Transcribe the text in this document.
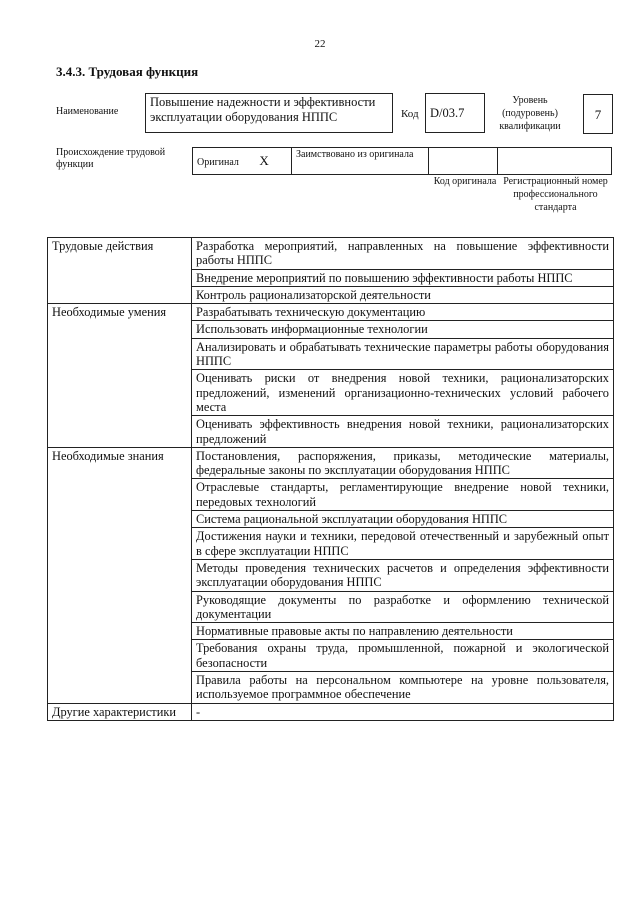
22
3.4.3. Трудовая функция
Наименование
Повышение надежности и эффективности эксплуатации оборудования НППС	Код D/03.7
Уровень (подуровень) квалификации
7
Происхождение трудовой функции	Оригинал X	Заимствовано из оригинала		
Код оригинала Регистрационный номер профессионального стандарта
Трудовые действия	Разработка мероприятий, направленных на повышение эффективности работы НППС
	Внедрение мероприятий по повышению эффективности работы НППС
	Контроль рационализаторской деятельности
Необходимые умения	Разрабатывать техническую документацию
	Использовать информационные технологии
	Анализировать и обрабатывать технические параметры работы оборудования НППС
	Оценивать риски от внедрения новой техники, рационализаторских предложений, изменений организационно-технических условий рабочего места
	Оценивать эффективность внедрения новой техники, рационализаторских предложений
Необходимые знания	Постановления, распоряжения, приказы, методические материалы, федеральные законы по эксплуатации оборудования НППС
	Отраслевые стандарты, регламентирующие внедрение новой техники, передовых технологий
	Система рациональной эксплуатации оборудования НППС
	Достижения науки и техники, передовой отечественный и зарубежный опыт в сфере эксплуатации НППС
	Методы проведения технических расчетов и определения эффективности эксплуатации оборудования НППС
	Руководящие документы по разработке и оформлению технической документации
	Нормативные правовые акты по направлению деятельности
	Требования охраны труда, промышленной, пожарной и экологической безопасности
	Правила работы на персональном компьютере на уровне пользователя, используемое программное обеспечение
Другие характеристики	-
